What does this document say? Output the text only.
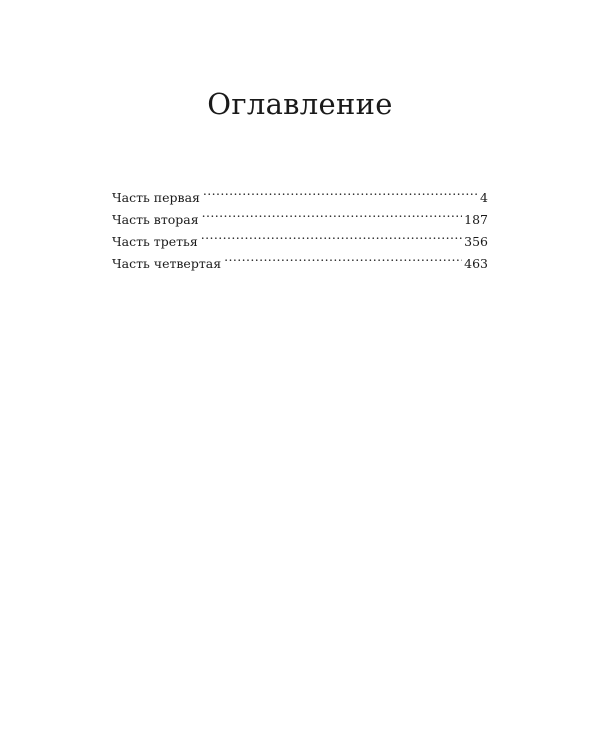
Оглавление
Часть первая .....	4
Часть вторая .....	187
Часть третья .....	356
Часть четвертая .....	463
